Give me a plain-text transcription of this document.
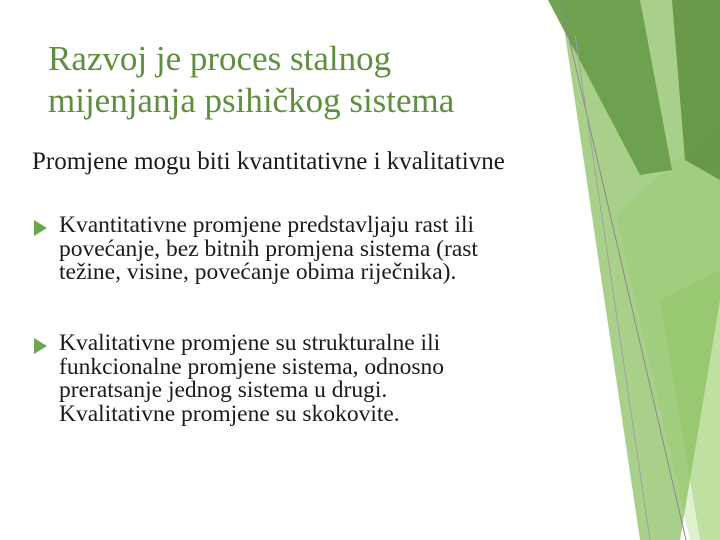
Razvoj je proces stalnog
mijenjanja psihičkog sistema
Promjene mogu biti kvantitativne i kvalitativne
Kvantitativne promjene predstavljaju rast ili
povećanje, bez bitnih promjena sistema (rast
težine, visine, povećanje obima riječnika).
Kvalitativne promjene su strukturalne ili
funkcionalne promjene sistema, odnosno
preratsanje jednog sistema u drugi.
Kvalitativne promjene su skokovite.
